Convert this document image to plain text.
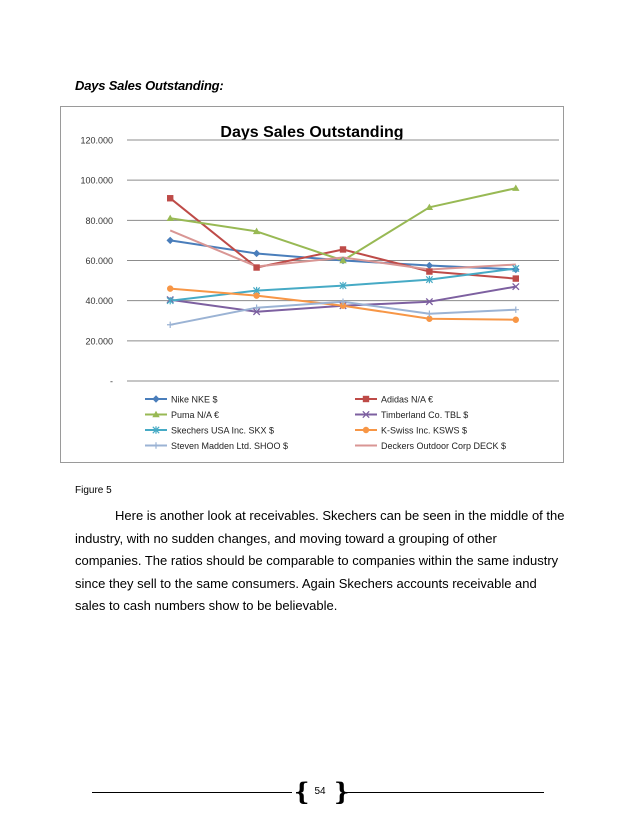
Days Sales Outstanding:
Days Sales Outstanding
-
20.000
40.000
60.000
80.000
100.000
120.000
Nike NKE $	Adidas N/A €
Puma N/A €	Timberland Co. TBL $
Skechers USA Inc. SKX $	K-Swiss Inc. KSWS $
Steven Madden Ltd. SHOO $	Deckers Outdoor Corp DECK $
Figure 5

Here is another look at receivables. Skechers can be seen in the middle of the industry, with no sudden changes, and moving toward a grouping of other companies. The ratios should be comparable to companies within the same industry since they sell to the same consumers. Again Skechers accounts receivable and sales to cash numbers show to be believable.

{ 54 }
